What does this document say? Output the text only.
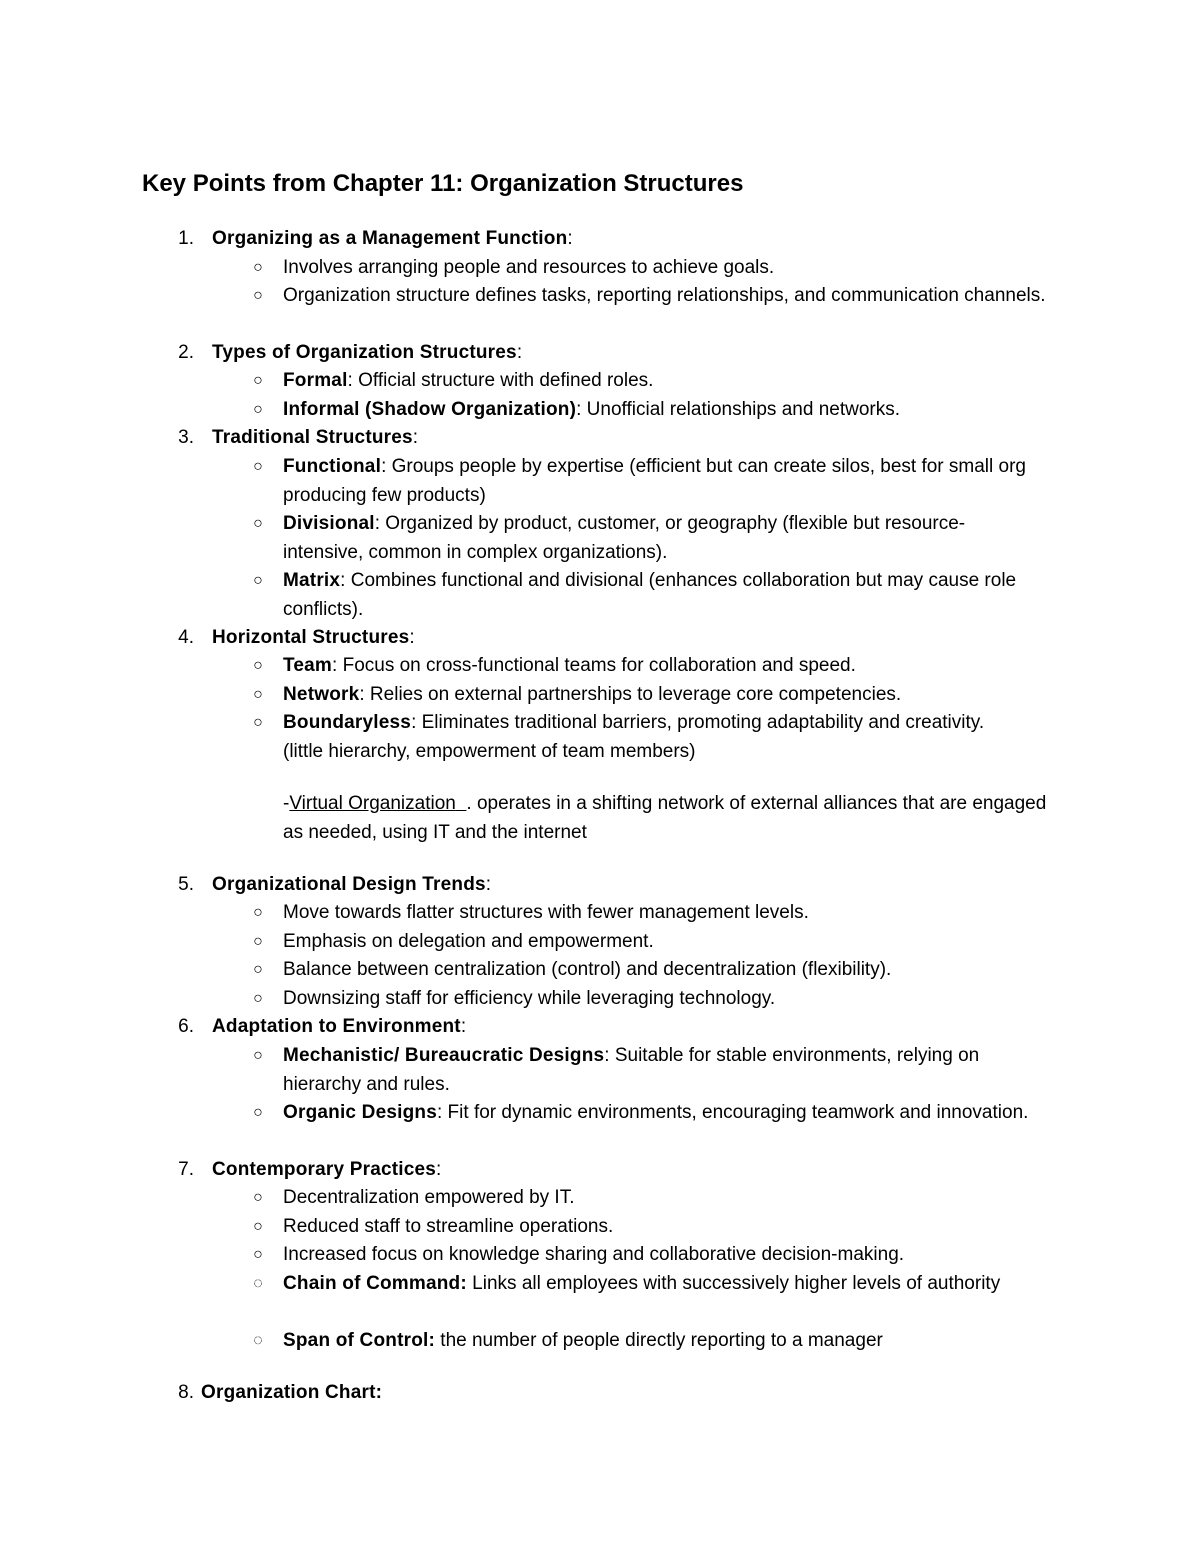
Key Points from Chapter 11: Organization Structures
1. Organizing as a Management Function:
○	Involves arranging people and resources to achieve goals.
○	Organization structure defines tasks, reporting relationships, and communication channels.
2. Types of Organization Structures:
○	Formal: Official structure with defined roles.
○	Informal (Shadow Organization): Unofficial relationships and networks.
3. Traditional Structures:
○	Functional: Groups people by expertise (efficient but can create silos, best for small org producing few products)
○	Divisional: Organized by product, customer, or geography (flexible but resource-intensive, common in complex organizations).
○	Matrix: Combines functional and divisional (enhances collaboration but may cause role conflicts).
4. Horizontal Structures:
○	Team: Focus on cross-functional teams for collaboration and speed.
○	Network: Relies on external partnerships to leverage core competencies.
○	Boundaryless: Eliminates traditional barriers, promoting adaptability and creativity. (little hierarchy, empowerment of team members)
-Virtual Organization . operates in a shifting network of external alliances that are engaged as needed, using IT and the internet
5. Organizational Design Trends:
○	Move towards flatter structures with fewer management levels.
○	Emphasis on delegation and empowerment.
○	Balance between centralization (control) and decentralization (flexibility).
○	Downsizing staff for efficiency while leveraging technology.
6. Adaptation to Environment:
○	Mechanistic/ Bureaucratic Designs: Suitable for stable environments, relying on hierarchy and rules.
○	Organic Designs: Fit for dynamic environments, encouraging teamwork and innovation.
7. Contemporary Practices:
○	Decentralization empowered by IT.
○	Reduced staff to streamline operations.
○	Increased focus on knowledge sharing and collaborative decision-making.
◌	Chain of Command: Links all employees with successively higher levels of authority
◌	Span of Control: the number of people directly reporting to a manager
8. Organization Chart:
